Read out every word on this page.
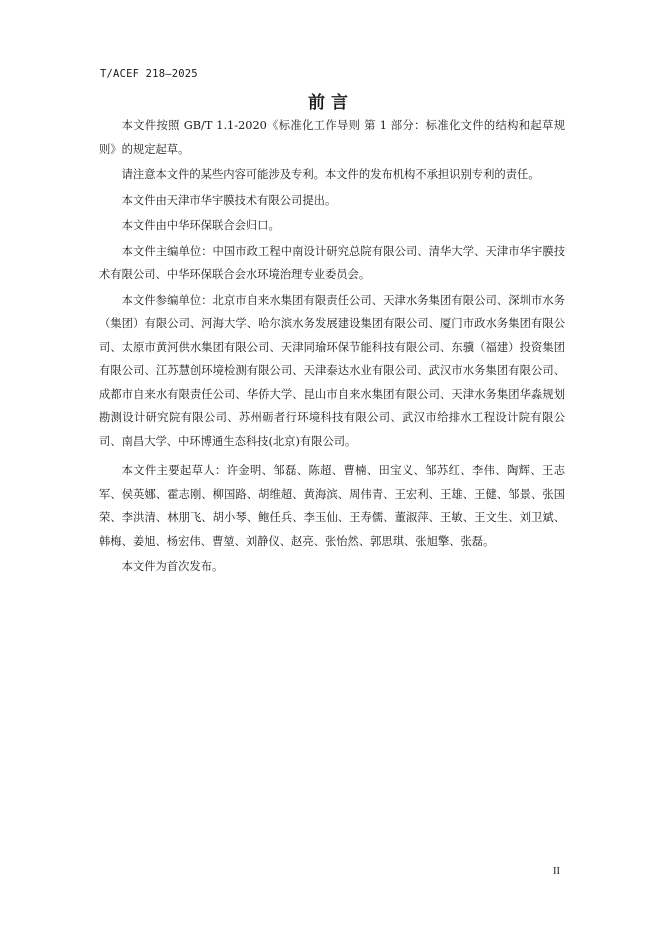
T/ACEF 218—2025
前言

本文件按照 GB/T 1.1-2020《标准化工作导则 第 1 部分：标准化文件的结构和起草规则》的规定起草。

请注意本文件的某些内容可能涉及专利。本文件的发布机构不承担识别专利的责任。

本文件由天津市华宇膜技术有限公司提出。

本文件由中华环保联合会归口。

本文件主编单位：中国市政工程中南设计研究总院有限公司、清华大学、天津市华宇膜技术有限公司、中华环保联合会水环境治理专业委员会。

本文件参编单位：北京市自来水集团有限责任公司、天津水务集团有限公司、深圳市水务（集团）有限公司、河海大学、哈尔滨水务发展建设集团有限公司、厦门市政水务集团有限公司、太原市黄河供水集团有限公司、天津同瑜环保节能科技有限公司、东骥（福建）投资集团有限公司、江苏慧创环境检测有限公司、天津泰达水业有限公司、武汉市水务集团有限公司、成都市自来水有限责任公司、华侨大学、昆山市自来水集团有限公司、天津水务集团华淼规划勘测设计研究院有限公司、苏州砺者行环境科技有限公司、武汉市给排水工程设计院有限公司、南昌大学、中环博通生态科技(北京)有限公司。

本文件主要起草人：许金明、邹磊、陈超、曹楠、田宝义、邹苏红、李伟、陶辉、王志军、侯英娜、霍志刚、柳国路、胡维超、黄海滨、周伟青、王宏利、王雄、王健、邹景、张国荣、李洪清、林朋飞、胡小琴、鲍任兵、李玉仙、王寿儒、董淑萍、王敏、王文生、刘卫斌、韩梅、姜旭、杨宏伟、曹堃、刘静仪、赵亮、张怡然、郭思琪、张旭擎、张磊。

本文件为首次发布。

II
